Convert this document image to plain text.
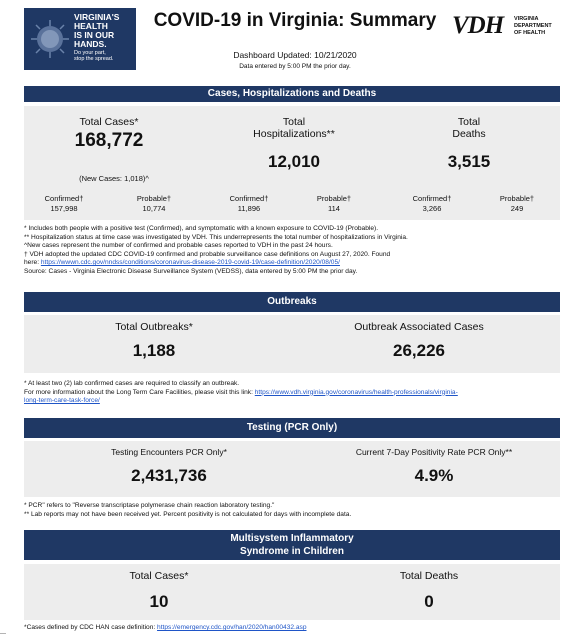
VIRGINIA'S
HEALTH
IS IN OUR
HANDS.
Do your part,
stop the spread.
COVID-19 in Virginia: Summary
Dashboard Updated: 10/21/2020
Data entered by 5:00 PM the prior day.
VDH VIRGINIA
DEPARTMENT
OF HEALTH
Cases, Hospitalizations and Deaths
Total Cases*
168,772
(New Cases: 1,018)^
Total
Hospitalizations**
12,010
Total
Deaths
3,515
Confirmed†
157,998
Probable†
10,774
Confirmed†
11,896
Probable†
114
Confirmed†
3,266
Probable†
249
* Includes both people with a positive test (Confirmed), and symptomatic with a known exposure to COVID-19 (Probable).
** Hospitalization status at time case was investigated by VDH. This underrepresents the total number of hospitalizations in Virginia.
^New cases represent the number of confirmed and probable cases reported to VDH in the past 24 hours.
† VDH adopted the updated CDC COVID-19 confirmed and probable surveillance case definitions on August 27, 2020. Found
here: https://wwwn.cdc.gov/nndss/conditions/coronavirus-disease-2019-covid-19/case-definition/2020/08/05/
Source: Cases - Virginia Electronic Disease Surveillance System (VEDSS), data entered by 5:00 PM the prior day.
Outbreaks
Total Outbreaks*
1,188
Outbreak Associated Cases
26,226
* At least two (2) lab confirmed cases are required to classify an outbreak.
For more information about the Long Term Care Facilities, please visit this link: https://www.vdh.virginia.gov/coronavirus/health-professionals/virginia-
long-term-care-task-force/
Testing (PCR Only)
Testing Encounters PCR Only*
2,431,736
Current 7-Day Positivity Rate PCR Only**
4.9%
* PCR" refers to "Reverse transcriptase polymerase chain reaction laboratory testing."
** Lab reports may not have been received yet. Percent positivity is not calculated for days with incomplete data.
Multisystem Inflammatory
Syndrome in Children
Total Cases*
10
Total Deaths
0
*Cases defined by CDC HAN case definition: https://emergency.cdc.gov/han/2020/han00432.asp
—
